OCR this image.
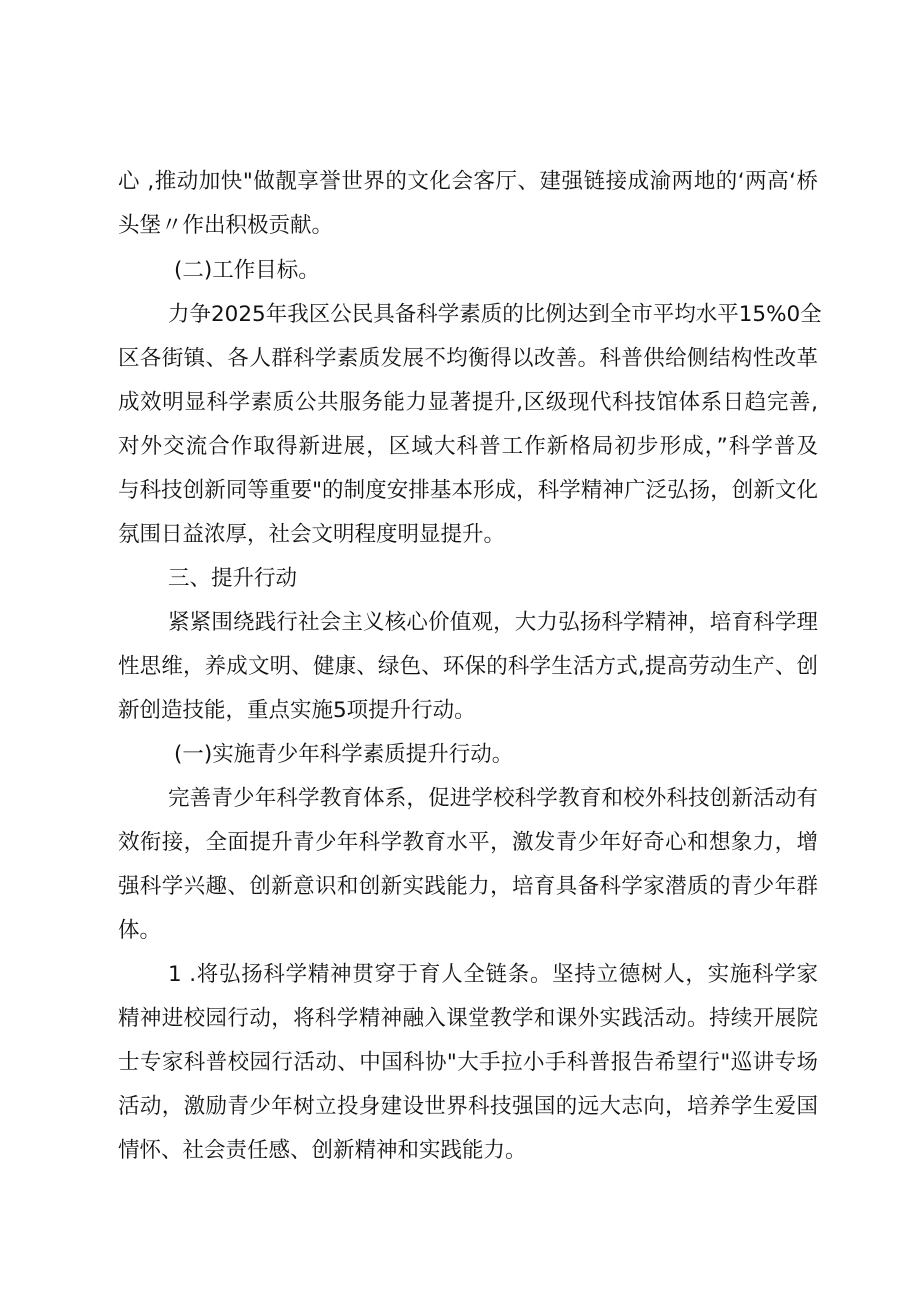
心 ,推动加快"做靓享誉世界的文化会客厅、建强链接成渝两地的‘两高‘桥
头堡〃作出积极贡献。
(二)工作目标。
力争2025年我区公民具备科学素质的比例达到全市平均水平15%0全
区各街镇、各人群科学素质发展不均衡得以改善。科普供给侧结构性改革
成效明显科学素质公共服务能力显著提升,区级现代科技馆体系日趋完善,
对外交流合作取得新进展，区域大科普工作新格局初步形成，”科学普及
与科技创新同等重要"的制度安排基本形成，科学精神广泛弘扬，创新文化
氛围日益浓厚，社会文明程度明显提升。
三、提升行动
紧紧围绕践行社会主义核心价值观，大力弘扬科学精神，培育科学理
性思维，养成文明、健康、绿色、环保的科学生活方式,提高劳动生产、创
新创造技能，重点实施5项提升行动。
(一)实施青少年科学素质提升行动。
完善青少年科学教育体系，促进学校科学教育和校外科技创新活动有
效衔接，全面提升青少年科学教育水平，激发青少年好奇心和想象力，增
强科学兴趣、创新意识和创新实践能力，培育具备科学家潜质的青少年群
体。
1 .将弘扬科学精神贯穿于育人全链条。坚持立德树人，实施科学家
精神进校园行动，将科学精神融入课堂教学和课外实践活动。持续开展院
士专家科普校园行活动、中国科协"大手拉小手科普报告希望行"巡讲专场
活动，激励青少年树立投身建设世界科技强国的远大志向，培养学生爱国
情怀、社会责任感、创新精神和实践能力。
